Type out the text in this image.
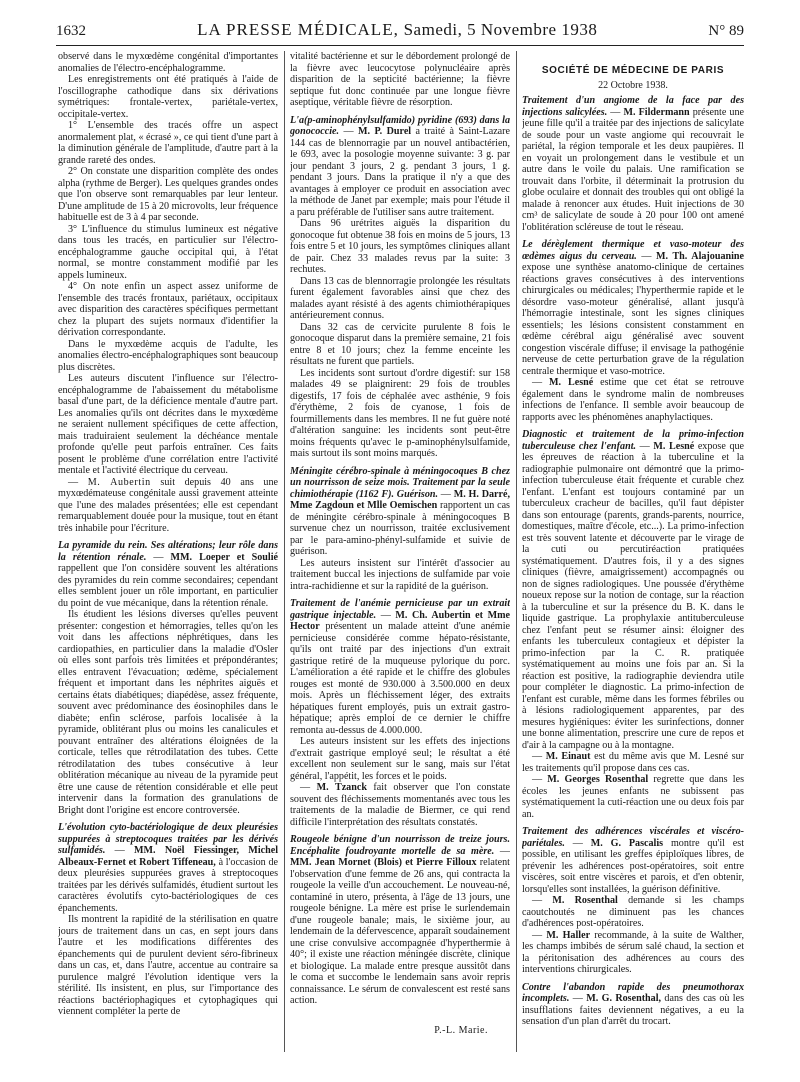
1632	LA PRESSE MÉDICALE, Samedi, 5 Novembre 1938	N° 89

observé dans le myxœdème congénital d'importantes anomalies de l'électro-encéphalogramme.

Les enregistrements ont été pratiqués à l'aide de l'oscillographe cathodique dans six dérivations symétriques: frontale-vertex, pariétale-vertex, occipitale-vertex.

1° L'ensemble des tracés offre un aspect anormalement plat, « écrasé », ce qui tient d'une part à la diminution générale de l'amplitude, d'autre part à la grande rareté des ondes.

2° On constate une disparition complète des ondes alpha (rythme de Berger). Les quelques grandes ondes que l'on observe sont remarquables par leur lenteur. D'une amplitude de 15 à 20 microvolts, leur fréquence habituelle est de 3 à 4 par seconde.

3° L'influence du stimulus lumineux est négative dans tous les tracés, en particulier sur l'électro-encéphalogramme gauche occipital qui, à l'état normal, se montre constamment modifié par les appels lumineux.

4° On note enfin un aspect assez uniforme de l'ensemble des tracés frontaux, pariétaux, occipitaux avec disparition des caractères spécifiques permettant chez la plupart des sujets normaux d'identifier la dérivation correspondante.

Dans le myxœdème acquis de l'adulte, les anomalies électro-encéphalographiques sont beaucoup plus discrètes.

Les auteurs discutent l'influence sur l'électro-encéphalogramme de l'abaissement du métabolisme basal d'une part, de la déficience mentale d'autre part. Les anomalies qu'ils ont décrites dans le myxœdème ne seraient nullement spécifiques de cette affection, mais traduiraient seulement la déchéance mentale profonde qu'elle peut parfois entraîner. Ces faits posent le problème d'une corrélation entre l'activité mentale et l'activité électrique du cerveau.

— M. Aubertin suit depuis 40 ans une myxœdémateuse congénitale aussi gravement atteinte que l'une des malades présentées; elle est cependant remarquablement douée pour la musique, tout en étant très inhabile pour l'écriture.

La pyramide du rein. Ses altérations; leur rôle dans la rétention rénale. — MM. Loeper et Soulié rappellent que l'on considère souvent les altérations des pyramides du rein comme secondaires; cependant elles semblent jouer un rôle important, en particulier du point de vue mécanique, dans la rétention rénale.

Ils étudient les lésions diverses qu'elles peuvent présenter: congestion et hémorragies, telles qu'on les voit dans les affections néphrétiques, dans les cardiopathies, en particulier dans la maladie d'Osler où elles sont parfois très limitées et prépondérantes; elles entravent l'évacuation; œdème, spécialement fréquent et important dans les néphrites aiguës et certains états diabétiques; diapédèse, assez fréquente, souvent avec prédominance des éosinophiles dans le diabète; enfin sclérose, parfois localisée à la pyramide, oblitérant plus ou moins les canalicules et pouvant entraîner des altérations éloignées de la corticale, telles que rétrodilatation des tubes. Cette rétrodilatation des tubes consécutive à leur oblitération mécanique au niveau de la pyramide peut être une cause de rétention considérable et elle peut intervenir dans la formation des granulations de Bright dont l'origine est encore controversée.

L'évolution cyto-bactériologique de deux pleurésies suppurées à streptocoques traitées par les dérivés sulfamidés. — MM. Noël Fiessinger, Michel Albeaux-Fernet et Robert Tiffeneau, à l'occasion de deux pleurésies suppurées graves à streptocoques traitées par les dérivés sulfamidés, étudient surtout les caractères évolutifs cyto-bactériologiques de ces épanchements.

Ils montrent la rapidité de la stérilisation en quatre jours de traitement dans un cas, en sept jours dans l'autre et les modifications différentes des épanchements qui de purulent devient séro-fibrineux dans un cas, et, dans l'autre, accentue au contraire sa purulence malgré l'évolution identique vers la stérilité. Ils insistent, en plus, sur l'importance des réactions bactériophagiques et cytophagiques qui viennent compléter la perte de

vitalité bactérienne et sur le débordement prolongé de la fièvre avec leucocytose polynucléaire après disparition de la septicité bactérienne; la fièvre septique fut donc continuée par une longue fièvre aseptique, véritable fièvre de résorption.

L'a(p-aminophénylsulfamido) pyridine (693) dans la gonococcie. — M. P. Durel a traité à Saint-Lazare 144 cas de blennorragie par un nouvel antibactérien, le 693, avec la posologie moyenne suivante: 3 g. par jour pendant 3 jours, 2 g. pendant 3 jours, 1 g. pendant 3 jours. Dans la pratique il n'y a que des avantages à employer ce produit en association avec la méthode de Janet par exemple; mais pour l'étude il a paru préférable de l'utiliser sans autre traitement.

Dans 96 urétrites aiguës la disparition du gonocoque fut obtenue 38 fois en moins de 5 jours, 13 fois entre 5 et 10 jours, les symptômes cliniques allant de pair. Chez 33 malades revus par la suite: 3 rechutes.

Dans 13 cas de blennorragie prolongée les résultats furent également favorables ainsi que chez des malades ayant résisté à des agents chimiothérapiques antérieurement connus.

Dans 32 cas de cervicite purulente 8 fois le gonocoque disparut dans la première semaine, 21 fois entre 8 et 10 jours; chez la femme enceinte les résultats ne furent que partiels.

Les incidents sont surtout d'ordre digestif: sur 158 malades 49 se plaignirent: 29 fois de troubles digestifs, 17 fois de céphalée avec asthénie, 9 fois d'érythème, 2 fois de cyanose, 1 fois de fourmillements dans les membres. Il ne fut guère noté d'altération sanguine: les incidents sont peut-être moins fréquents qu'avec le p-aminophénylsulfamide, mais surtout ils sont moins marqués.

Méningite cérébro-spinale à méningocoques B chez un nourrisson de seize mois. Traitement par la seule chimiothérapie (1162 F). Guérison. — M. H. Darré, Mme Zagdoun et Mlle Oemischen rapportent un cas de méningite cérébro-spinale à méningocoques B survenue chez un nourrisson, traitée exclusivement par le para-amino-phényl-sulfamide et suivie de guérison.

Les auteurs insistent sur l'intérêt d'associer au traitement buccal les injections de sulfamide par voie intra-rachidienne et sur la rapidité de la guérison.

Traitement de l'anémie pernicieuse par un extrait gastrique injectable. — M. Ch. Aubertin et Mme Hector présentent un malade atteint d'une anémie pernicieuse considérée comme hépato-résistante, qu'ils ont traité par des injections d'un extrait gastrique retiré de la muqueuse pylorique du porc. L'amélioration a été rapide et le chiffre des globules rouges est monté de 930.000 à 3.500.000 en deux mois. Après un fléchissement léger, des extraits hépatiques furent employés, puis un extrait gastro-hépatique; après emploi de ce dernier le chiffre remonta au-dessus de 4.000.000.

Les auteurs insistent sur les effets des injections d'extrait gastrique employé seul; le résultat a été excellent non seulement sur le sang, mais sur l'état général, l'appétit, les forces et le poids.

— M. Tzanck fait observer que l'on constate souvent des fléchissements momentanés avec tous les traitements de la maladie de Biermer, ce qui rend difficile l'interprétation des résultats constatés.

Rougeole bénigne d'un nourrisson de treize jours. Encéphalite foudroyante mortelle de sa mère. — MM. Jean Mornet (Blois) et Pierre Filloux relatent l'observation d'une femme de 26 ans, qui contracta la rougeole la veille d'un accouchement. Le nouveau-né, contaminé in utero, présenta, à l'âge de 13 jours, une rougeole bénigne. La mère est prise le surlendemain d'une rougeole banale; mais, le sixième jour, au lendemain de la défervescence, apparaît soudainement une crise convulsive accompagnée d'hyperthermie à 40°; il existe une réaction méningée discrète, clinique et biologique. La malade entre presque aussitôt dans le coma et succombe le lendemain sans avoir repris connaissance. Le sérum de convalescent est resté sans action.

P.-L. Marie.
SOCIÉTÉ DE MÉDECINE DE PARIS
22 Octobre 1938.

Traitement d'un angiome de la face par des injections salicylées. — M. Fildermann présente une jeune fille qu'il a traitée par des injections de salicylate de soude pour un vaste angiome qui recouvrait le pariétal, la région temporale et les deux paupières. Il en voyait un prolongement dans le vestibule et un autre dans le voile du palais. Une ramification se trouvait dans l'orbite, il déterminait la protrusion du globe oculaire et donnait des troubles qui ont obligé la malade à renoncer aux études. Huit injections de 30 cm³ de salicylate de soude à 20 pour 100 ont amené l'oblitération scléreuse de tout le réseau.

Le dérèglement thermique et vaso-moteur des œdèmes aigus du cerveau. — M. Th. Alajouanine expose une synthèse anatomo-clinique de certaines réactions graves consécutives à des interventions chirurgicales ou médicales; l'hyperthermie rapide et le désordre vaso-moteur généralisé, allant jusqu'à l'hémorragie intestinale, sont les signes cliniques essentiels; les lésions consistent constamment en œdème cérébral aigu généralisé avec souvent congestion viscérale diffuse; il envisage la pathogénie nerveuse de cette perturbation grave de la régulation centrale thermique et vaso-motrice.

— M. Lesné estime que cet état se retrouve également dans le syndrome malin de nombreuses infections de l'enfance. Il semble avoir beaucoup de rapports avec les phénomènes anaphylactiques.

Diagnostic et traitement de la primo-infection tuberculeuse chez l'enfant. — M. Lesné expose que les épreuves de réaction à la tuberculine et la radiographie pulmonaire ont démontré que la primo-infection tuberculeuse était fréquente et curable chez l'enfant. L'enfant est toujours contaminé par un tuberculeux cracheur de bacilles, qu'il faut dépister dans son entourage (parents, grands-parents, nourrice, domestiques, maître d'école, etc...). La primo-infection est très souvent latente et découverte par le virage de la cuti ou percutiréaction pratiquées systématiquement. D'autres fois, il y a des signes cliniques (fièvre, amaigrissement) accompagnés ou non de signes radiologiques. Une poussée d'érythème noueux repose sur la notion de contage, sur la réaction à la tuberculine et sur la présence du B. K. dans le liquide gastrique. La prophylaxie antituberculeuse chez l'enfant peut se résumer ainsi: éloigner des enfants les tuberculeux contagieux et dépister la primo-infection par la C. R. pratiquée systématiquement au moins une fois par an. Si la réaction est positive, la radiographie deviendra utile pour compléter le diagnostic. La primo-infection de l'enfant est curable, même dans les formes fébriles ou à lésions radiologiquement apparentes, par des mesures hygiéniques: éviter les surinfections, donner une bonne alimentation, prescrire une cure de repos et d'air à la campagne ou à la montagne.

— M. Einaut est du même avis que M. Lesné sur les traitements qu'il propose dans ces cas.

— M. Georges Rosenthal regrette que dans les écoles les jeunes enfants ne subissent pas systématiquement la cuti-réaction une ou deux fois par an.

Traitement des adhérences viscérales et viscéro-pariétales. — M. G. Pascalis montre qu'il est possible, en utilisant les greffes épiploïques libres, de prévenir les adhérences post-opératoires, soit entre viscères, soit entre viscères et parois, et d'en obtenir, lorsqu'elles sont installées, la guérison définitive.

— M. Rosenthal demande si les champs caoutchoutés ne diminuent pas les chances d'adhérences post-opératoires.

— M. Haller recommande, à la suite de Walther, les champs imbibés de sérum salé chaud, la section et la péritonisation des adhérences au cours des interventions chirurgicales.

Contre l'abandon rapide des pneumothorax incomplets. — M. G. Rosenthal, dans des cas où les insufflations faites deviennent négatives, a eu la sensation d'un plan d'arrêt du trocart.
